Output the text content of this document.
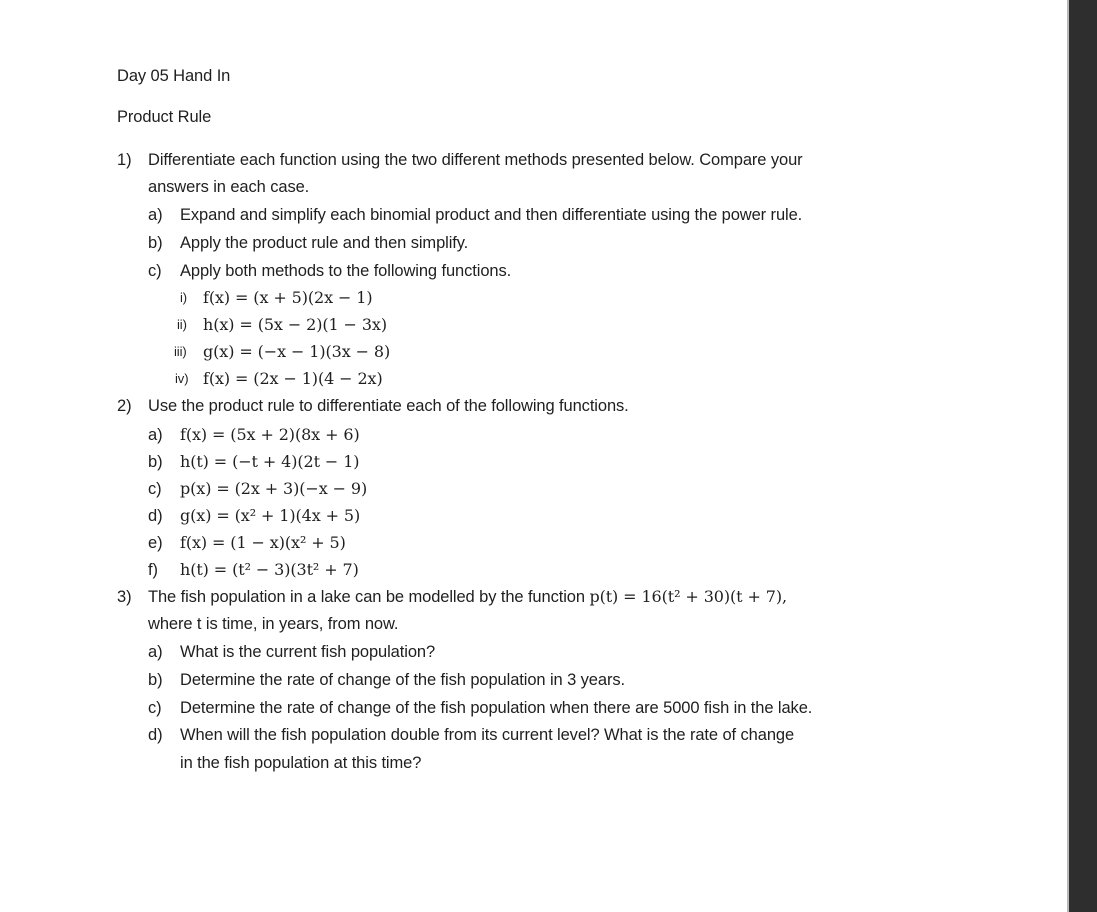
Day 05 Hand In
Product Rule
1) Differentiate each function using the two different methods presented below. Compare your
answers in each case.
a) Expand and simplify each binomial product and then differentiate using the power rule.
b) Apply the product rule and then simplify.
c) Apply both methods to the following functions.
i) f(x) = (x + 5)(2x − 1)
ii) h(x) = (5x − 2)(1 − 3x)
iii) g(x) = (−x − 1)(3x − 8)
iv) f(x) = (2x − 1)(4 − 2x)
2) Use the product rule to differentiate each of the following functions.
a) f(x) = (5x + 2)(8x + 6)
b) h(t) = (−t + 4)(2t − 1)
c) p(x) = (2x + 3)(−x − 9)
d) g(x) = (x² + 1)(4x + 5)
e) f(x) = (1 − x)(x² + 5)
f) h(t) = (t² − 3)(3t² + 7)
3) The fish population in a lake can be modelled by the function p(t) = 16(t² + 30)(t + 7),
where t is time, in years, from now.
a) What is the current fish population?
b) Determine the rate of change of the fish population in 3 years.
c) Determine the rate of change of the fish population when there are 5000 fish in the lake.
d) When will the fish population double from its current level? What is the rate of change
in the fish population at this time?
